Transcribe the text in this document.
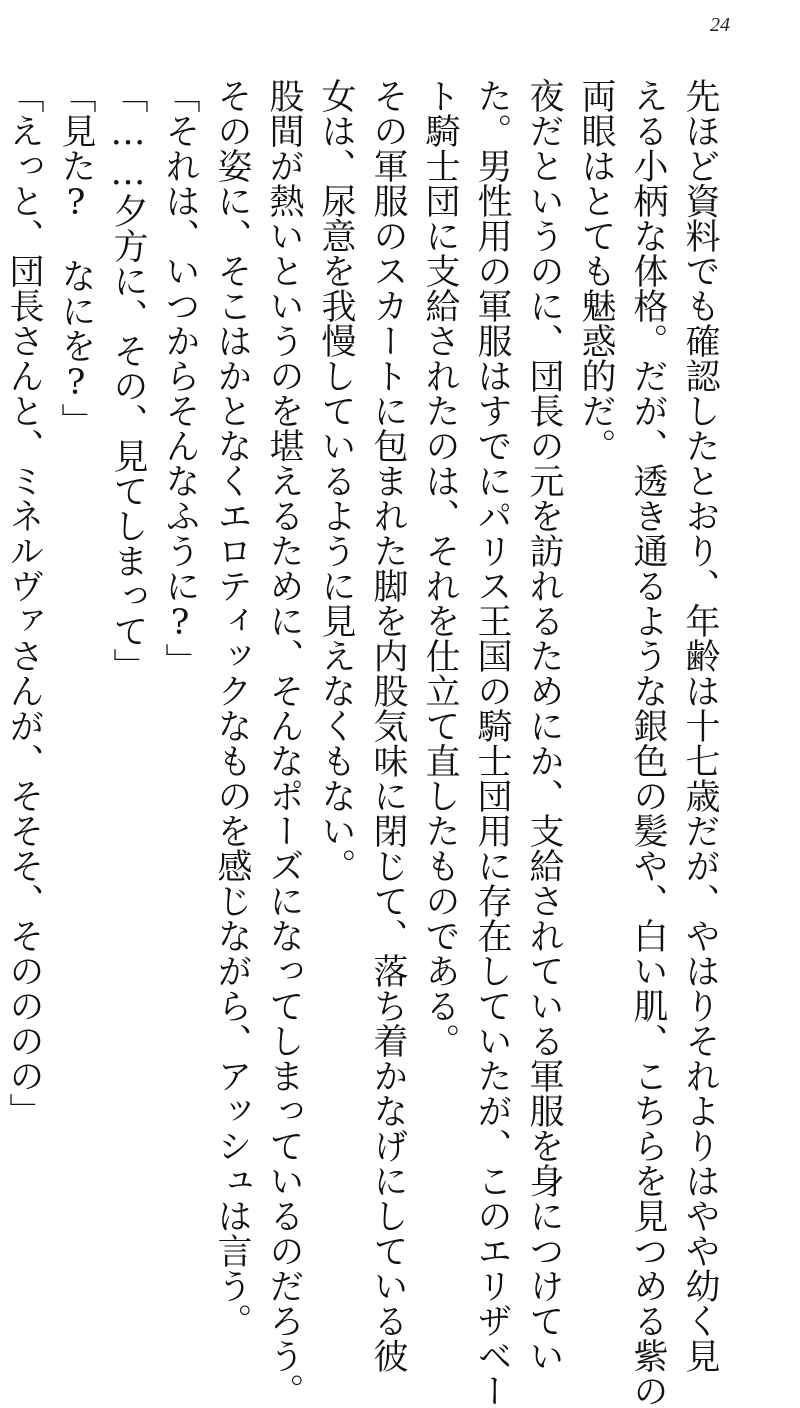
24
先ほど資料でも確認したとおり、年齢は十七歳だが、やはりそれよりはやや幼く見
える小柄な体格。だが、透き通るような銀色の髪や、白い肌、こちらを見つめる紫の
両眼はとても魅惑的だ。
夜だというのに、団長の元を訪れるためにか、支給されている軍服を身につけてい
た。男性用の軍服はすでにパリス王国の騎士団用に存在していたが、このエリザベー
ト騎士団に支給されたのは、それを仕立て直したものである。
その軍服のスカートに包まれた脚を内股気味に閉じて、落ち着かなげにしている彼
女は、尿意を我慢しているように見えなくもない。
股間が熱いというのを堪えるために、そんなポーズになってしまっているのだろう。
その姿に、そこはかとなくエロティックなものを感じながら、アッシュは言う。
「それは、いつからそんなふうに?」
「……夕方に、その、見てしまって」
「見た?　なにを?」
「えっと、団長さんと、ミネルヴァさんが、そそそ、そのののの」
